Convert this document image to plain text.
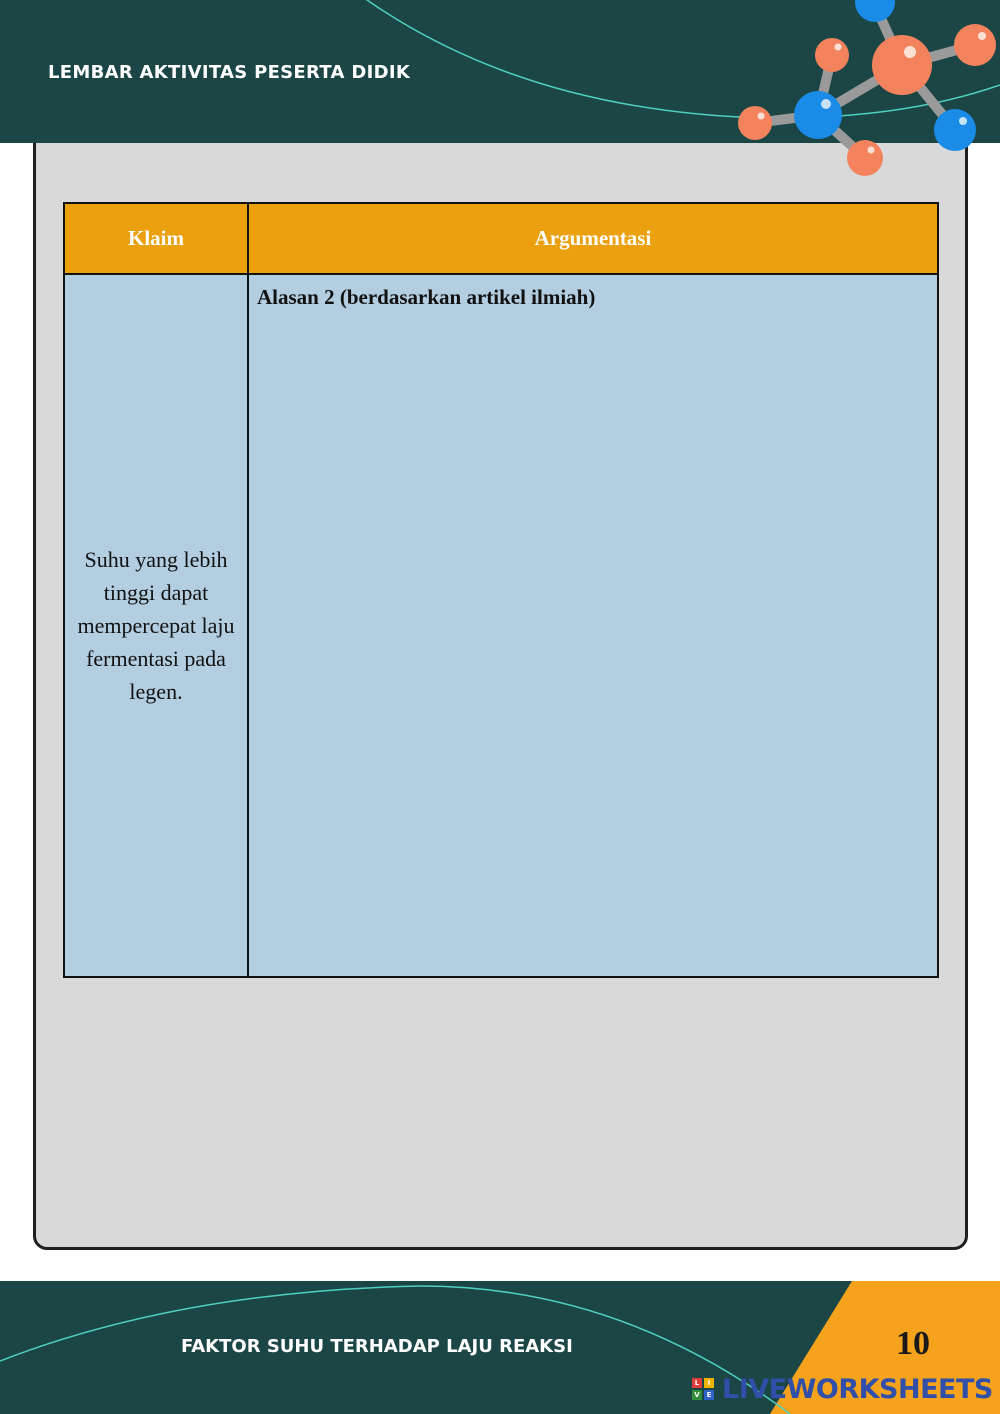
LEMBAR AKTIVITAS PESERTA DIDIK
Klaim	Argumentasi
Suhu yang lebih tinggi dapat mempercepat laju fermentasi pada legen.	Alasan 2 (berdasarkan artikel ilmiah)
FAKTOR SUHU TERHADAP LAJU REAKSI	10
L	I
V E LIVEWORKSHEETS
